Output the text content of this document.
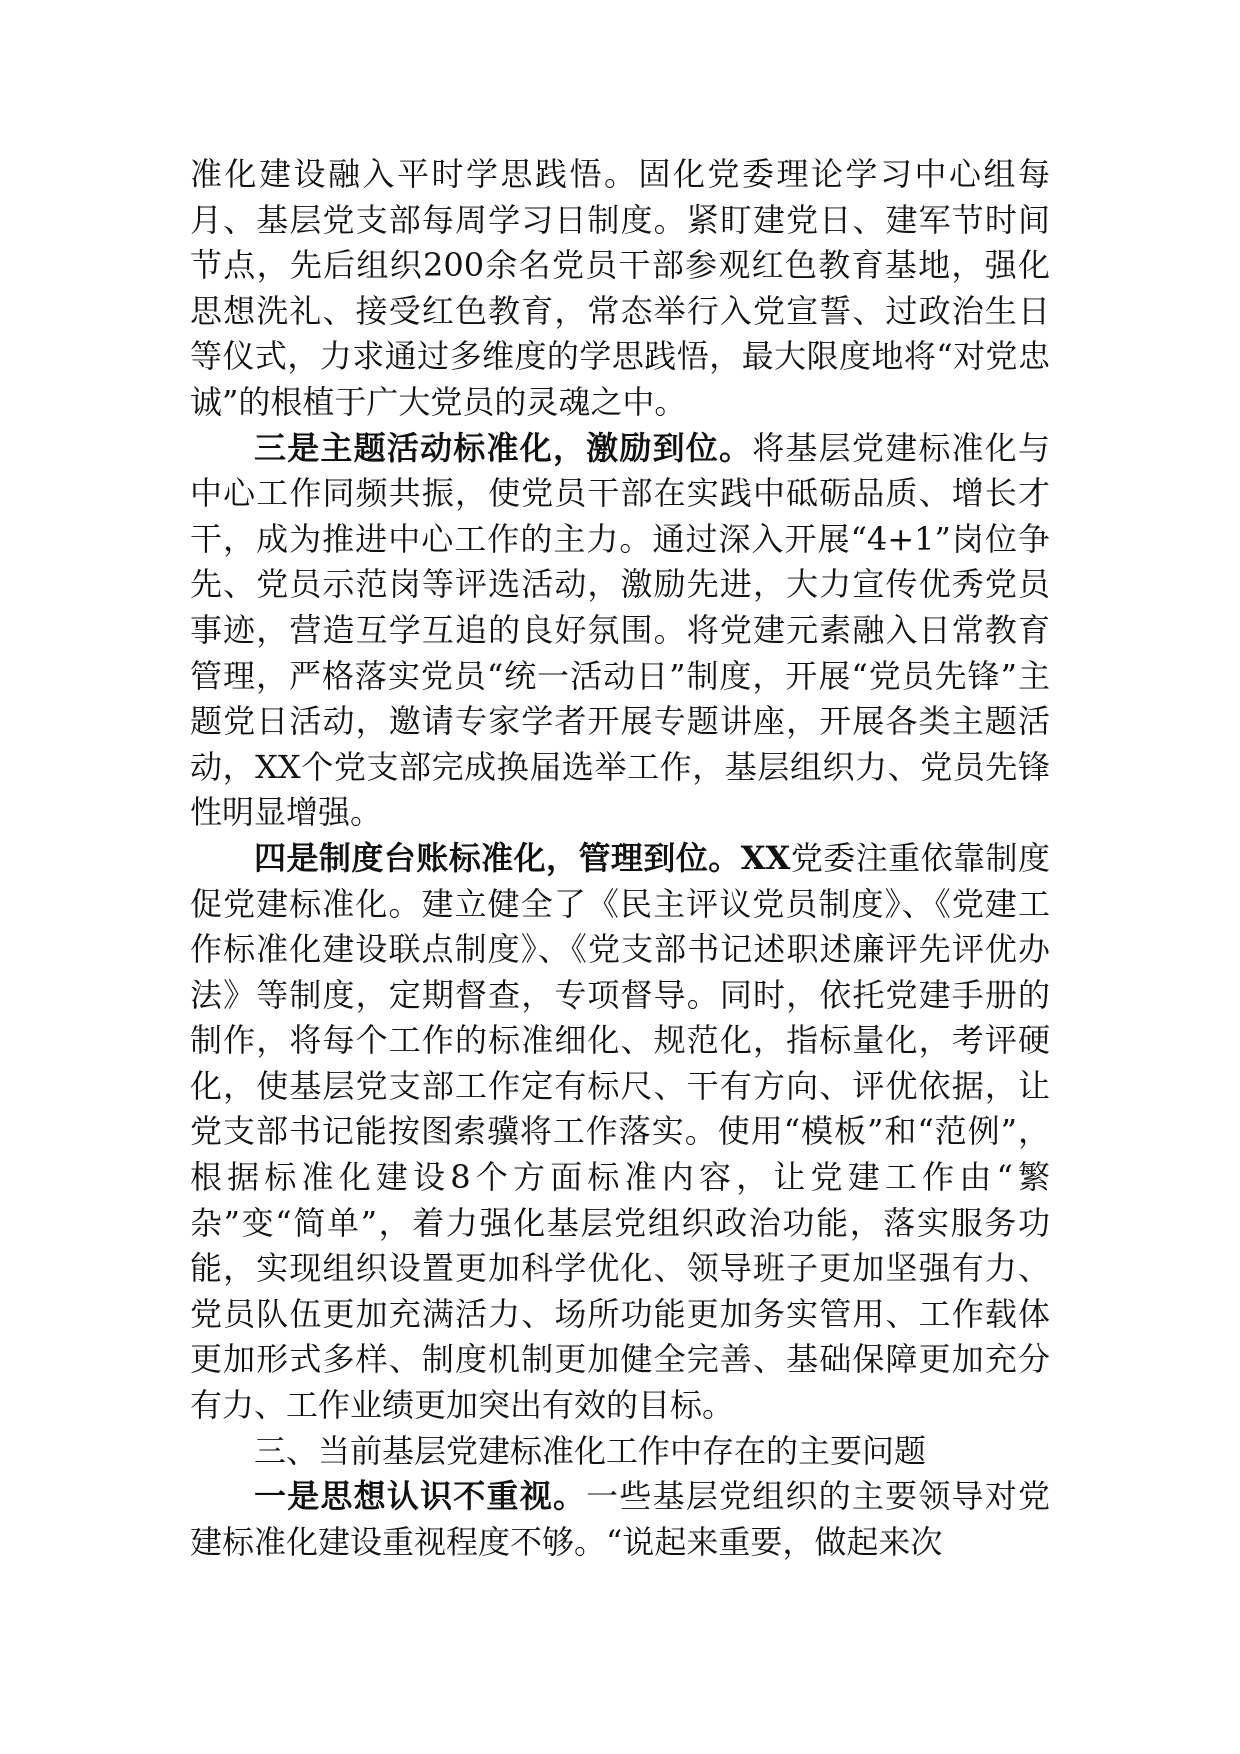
准化建设融入平时学思践悟。固化党委理论学习中心组每月、基层党支部每周学习日制度。紧盯建党日、建军节时间节点，先后组织200余名党员干部参观红色教育基地，强化思想洗礼、接受红色教育，常态举行入党宣誓、过政治生日等仪式，力求通过多维度的学思践悟，最大限度地将“对党忠诚”的根植于广大党员的灵魂之中。

三是主题活动标准化，激励到位。将基层党建标准化与中心工作同频共振，使党员干部在实践中砥砺品质、增长才干，成为推进中心工作的主力。通过深入开展“4+1”岗位争先、党员示范岗等评选活动，激励先进，大力宣传优秀党员事迹，营造互学互追的良好氛围。将党建元素融入日常教育管理，严格落实党员“统一活动日”制度，开展“党员先锋”主题党日活动，邀请专家学者开展专题讲座，开展各类主题活动，XX个党支部完成换届选举工作，基层组织力、党员先锋性明显增强。

四是制度台账标准化，管理到位。XX党委注重依靠制度促党建标准化。建立健全了《民主评议党员制度》、《党建工作标准化建设联点制度》、《党支部书记述职述廉评先评优办法》等制度，定期督查，专项督导。同时，依托党建手册的制作，将每个工作的标准细化、规范化，指标量化，考评硬化，使基层党支部工作定有标尺、干有方向、评优依据，让党支部书记能按图索骥将工作落实。使用“模板”和“范例”，根据标准化建设8个方面标准内容，让党建工作由“繁杂”变“简单”，着力强化基层党组织政治功能，落实服务功能，实现组织设置更加科学优化、领导班子更加坚强有力、党员队伍更加充满活力、场所功能更加务实管用、工作载体更加形式多样、制度机制更加健全完善、基础保障更加充分有力、工作业绩更加突出有效的目标。

三、当前基层党建标准化工作中存在的主要问题

一是思想认识不重视。一些基层党组织的主要领导对党建标准化建设重视程度不够。“说起来重要，做起来次
